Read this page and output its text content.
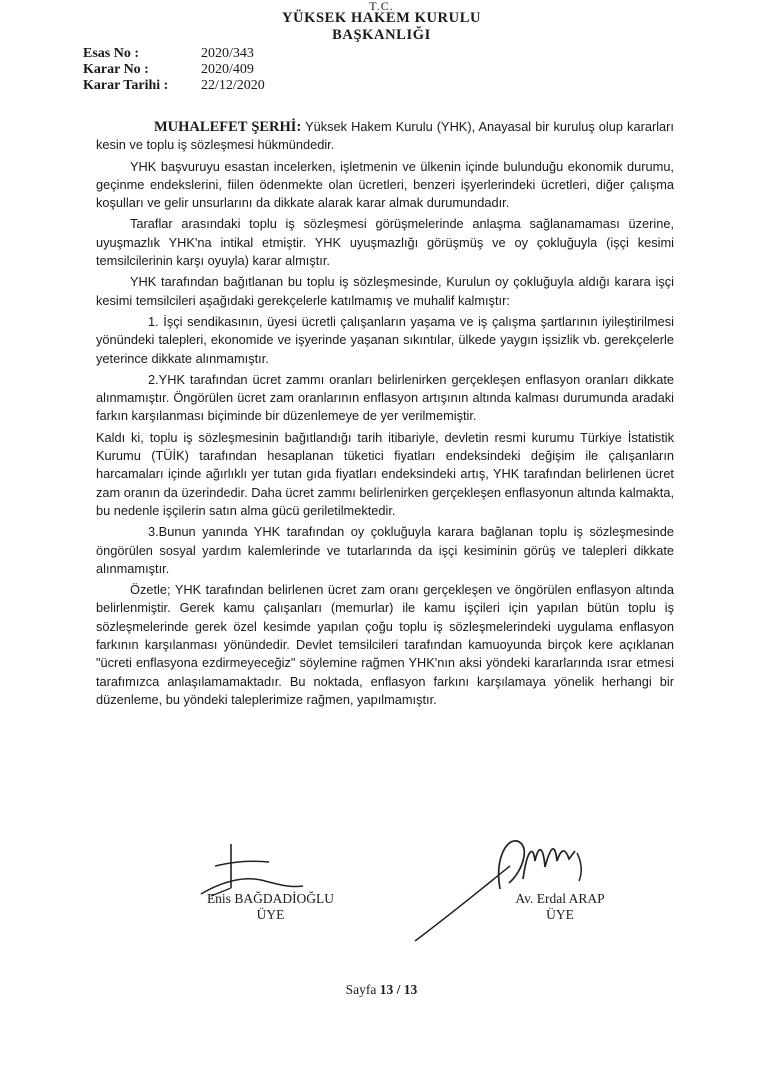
T.C.
YÜKSEK HAKEM KURULU
BAŞKANLIĞI
Esas No :	2020/343
Karar No :	2020/409
Karar Tarihi :	22/12/2020

MUHALEFET ŞERHİ: Yüksek Hakem Kurulu (YHK), Anayasal bir kuruluş olup kararları kesin ve toplu iş sözleşmesi hükmündedir.

YHK başvuruyu esastan incelerken, işletmenin ve ülkenin içinde bulunduğu ekonomik durumu, geçinme endekslerini, fiilen ödenmekte olan ücretleri, benzeri işyerlerindeki ücretleri, diğer çalışma koşulları ve gelir unsurlarını da dikkate alarak karar almak durumundadır.

Taraflar arasındaki toplu iş sözleşmesi görüşmelerinde anlaşma sağlanamaması üzerine, uyuşmazlık YHK'na intikal etmiştir. YHK uyuşmazlığı görüşmüş ve oy çokluğuyla (işçi kesimi temsilcilerinin karşı oyuyla) karar almıştır.

YHK tarafından bağıtlanan bu toplu iş sözleşmesinde, Kurulun oy çokluğuyla aldığı karara işçi kesimi temsilcileri aşağıdaki gerekçelerle katılmamış ve muhalif kalmıştır:

1. İşçi sendikasının, üyesi ücretli çalışanların yaşama ve iş çalışma şartlarının iyileştirilmesi yönündeki talepleri, ekonomide ve işyerinde yaşanan sıkıntılar, ülkede yaygın işsizlik vb. gerekçelerle yeterince dikkate alınmamıştır.

2.YHK tarafından ücret zammı oranları belirlenirken gerçekleşen enflasyon oranları dikkate alınmamıştır. Öngörülen ücret zam oranlarının enflasyon artışının altında kalması durumunda aradaki farkın karşılanması biçiminde bir düzenlemeye de yer verilmemiştir.

Kaldı ki, toplu iş sözleşmesinin bağıtlandığı tarih itibariyle, devletin resmi kurumu Türkiye İstatistik Kurumu (TÜİK) tarafından hesaplanan tüketici fiyatları endeksindeki değişim ile çalışanların harcamaları içinde ağırlıklı yer tutan gıda fiyatları endeksindeki artış, YHK tarafından belirlenen ücret zam oranın da üzerindedir. Daha ücret zammı belirlenirken gerçekleşen enflasyonun altında kalmakta, bu nedenle işçilerin satın alma gücü geriletilmektedir.

3.Bunun yanında YHK tarafından oy çokluğuyla karara bağlanan toplu iş sözleşmesinde öngörülen sosyal yardım kalemlerinde ve tutarlarında da işçi kesiminin görüş ve talepleri dikkate alınmamıştır.

Özetle; YHK tarafından belirlenen ücret zam oranı gerçekleşen ve öngörülen enflasyon altında belirlenmiştir. Gerek kamu çalışanları (memurlar) ile kamu işçileri için yapılan bütün toplu iş sözleşmelerinde gerek özel kesimde yapılan çoğu toplu iş sözleşmelerindeki uygulama enflasyon farkının karşılanması yönündedir. Devlet temsilcileri tarafından kamuoyunda birçok kere açıklanan "ücreti enflasyona ezdirmeyeceğiz" söylemine rağmen YHK'nın aksi yöndeki kararlarında ısrar etmesi tarafımızca anlaşılamamaktadır. Bu noktada, enflasyon farkını karşılamaya yönelik herhangi bir düzenleme, bu yöndeki taleplerimize rağmen, yapılmamıştır.

Enis BAĞDADİOĞLU
ÜYE
Av. Erdal ARAP
ÜYE
Sayfa 13 / 13
